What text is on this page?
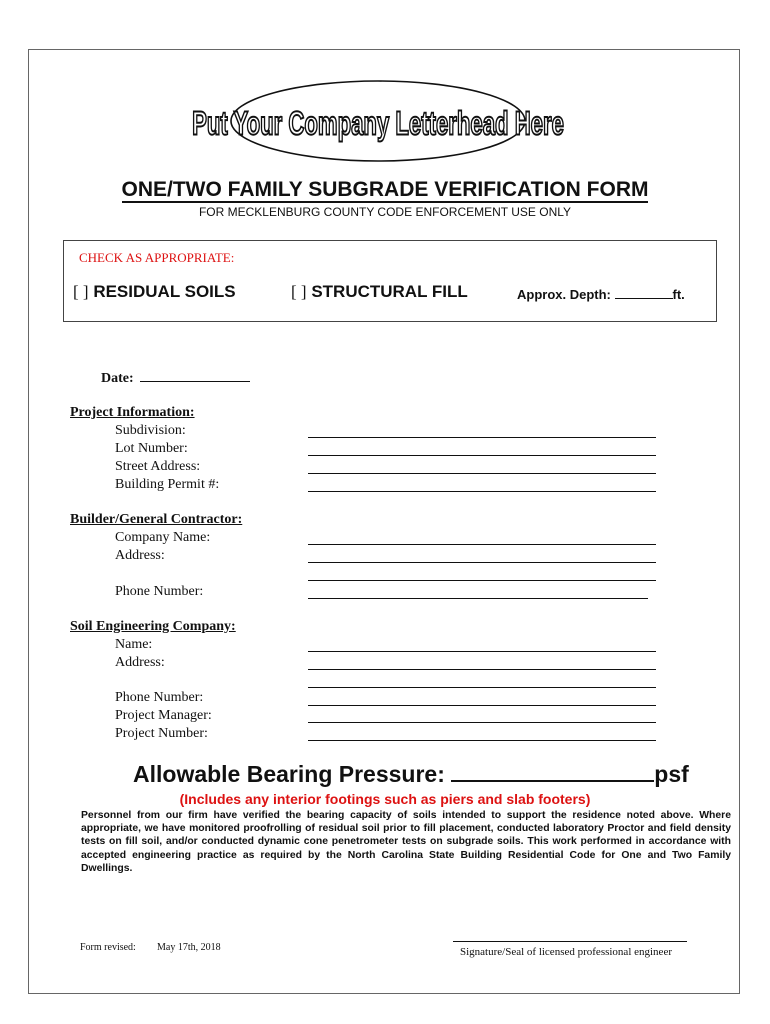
Put Your Company Letterhead Here
ONE/TWO FAMILY SUBGRADE VERIFICATION FORM
FOR MECKLENBURG COUNTY CODE ENFORCEMENT USE ONLY
CHECK AS APPROPRIATE:
[ ] RESIDUAL SOILS	[ ] STRUCTURAL FILL	Approx. Depth:	ft.
Date:
Project Information:
Subdivision:
Lot Number:
Street Address:
Building Permit #:
Builder/General Contractor:
Company Name:
Address:
Phone Number:
Soil Engineering Company:
Name:
Address:
Phone Number:
Project Manager:
Project Number:
Allowable Bearing Pressure:	psf
(Includes any interior footings such as piers and slab footers)
Personnel from our firm have verified the bearing capacity of soils intended to support the residence noted above. Where appropriate, we have monitored proofrolling of residual soil prior to fill placement, conducted laboratory Proctor and field density tests on fill soil, and/or conducted dynamic cone penetrometer tests on subgrade soils. This work performed in accordance with accepted engineering practice as required by the North Carolina State Building Residential Code for One and Two Family Dwellings.
Form revised: May 17th, 2018	Signature/Seal of licensed professional engineer
